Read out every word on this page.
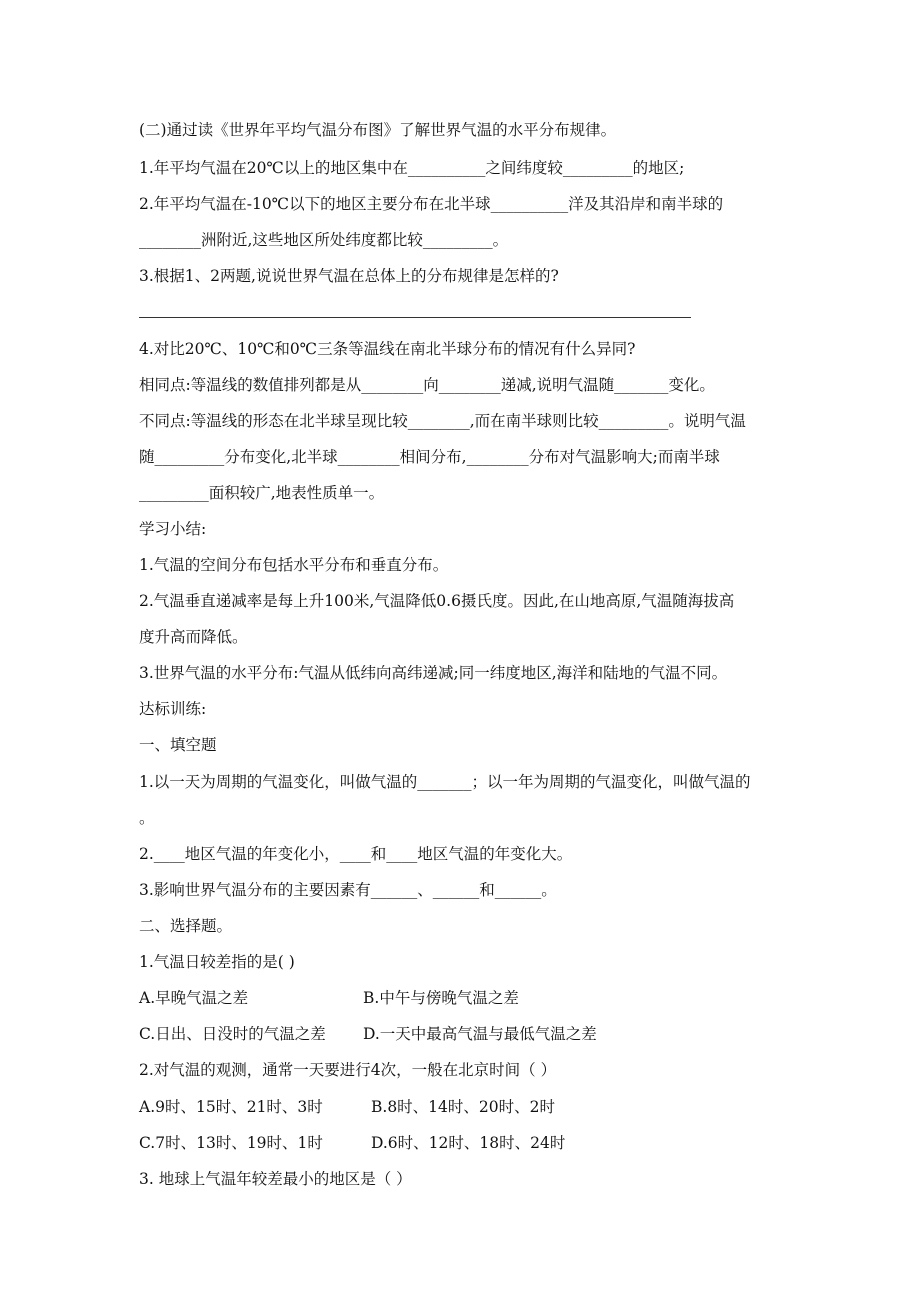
(二)通过读《世界年平均气温分布图》了解世界气温的水平分布规律。
1.年平均气温在20℃以上的地区集中在__________之间纬度较_________的地区;
2.年平均气温在-10℃以下的地区主要分布在北半球__________洋及其沿岸和南半球的
________洲附近,这些地区所处纬度都比较_________。
3.根据1、2两题,说说世界气温在总体上的分布规律是怎样的?
4.对比20℃、10℃和0℃三条等温线在南北半球分布的情况有什么异同?
相同点:等温线的数值排列都是从________向________递减,说明气温随_______变化。
不同点:等温线的形态在北半球呈现比较________,而在南半球则比较_________。说明气温
随_________分布变化,北半球________相间分布,________分布对气温影响大;而南半球
_________面积较广,地表性质单一。
学习小结:
1.气温的空间分布包括水平分布和垂直分布。
2.气温垂直递减率是每上升100米,气温降低0.6摄氏度。因此,在山地高原,气温随海拔高
度升高而降低。
3.世界气温的水平分布:气温从低纬向高纬递减;同一纬度地区,海洋和陆地的气温不同。
达标训练:
一、填空题
1.以一天为周期的气温变化，叫做气温的_______；以一年为周期的气温变化，叫做气温的
。
2.____地区气温的年变化小，____和____地区气温的年变化大。
3.影响世界气温分布的主要因素有______、______和______。
二、选择题。
1.气温日较差指的是( )
A.早晚气温之差	B.中午与傍晚气温之差
C.日出、日没时的气温之差 D.一天中最高气温与最低气温之差
2.对气温的观测，通常一天要进行4次，一般在北京时间（ ）
A.9时、15时、21时、3时	B.8时、14时、20时、2时
C.7时、13时、19时、1时	D.6时、12时、18时、24时
3. 地球上气温年较差最小的地区是（ ）
